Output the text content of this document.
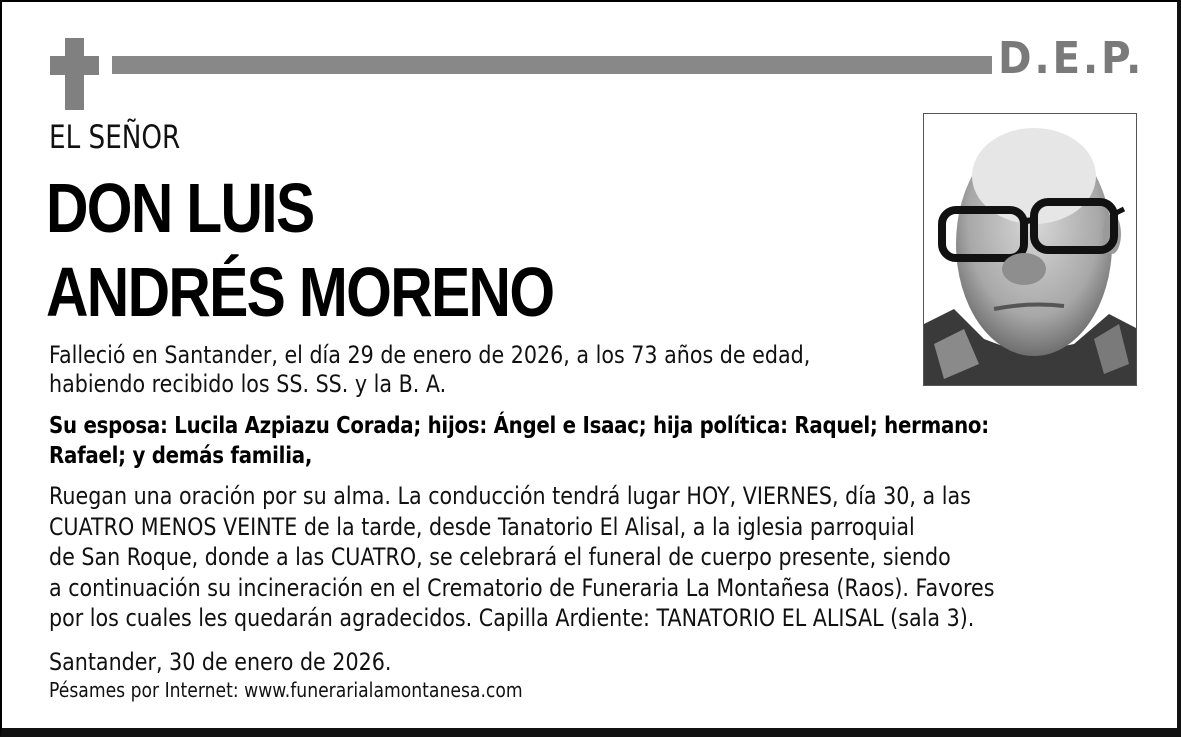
D.E.P.
EL SEÑOR
DON LUIS
ANDRÉS MORENO
Falleció en Santander, el día 29 de enero de 2026, a los 73 años de edad,
habiendo recibido los SS. SS. y la B. A.
Su esposa: Lucila Azpiazu Corada; hijos: Ángel e Isaac; hija política: Raquel; hermano:
Rafael; y demás familia,
Ruegan una oración por su alma. La conducción tendrá lugar HOY, VIERNES, día 30, a las
CUATRO MENOS VEINTE de la tarde, desde Tanatorio El Alisal, a la iglesia parroquial
de San Roque, donde a las CUATRO, se celebrará el funeral de cuerpo presente, siendo
a continuación su incineración en el Crematorio de Funeraria La Montañesa (Raos). Favores
por los cuales les quedarán agradecidos. Capilla Ardiente: TANATORIO EL ALISAL (sala 3).
Santander, 30 de enero de 2026.
Pésames por Internet: www.funerarialamontanesa.com
